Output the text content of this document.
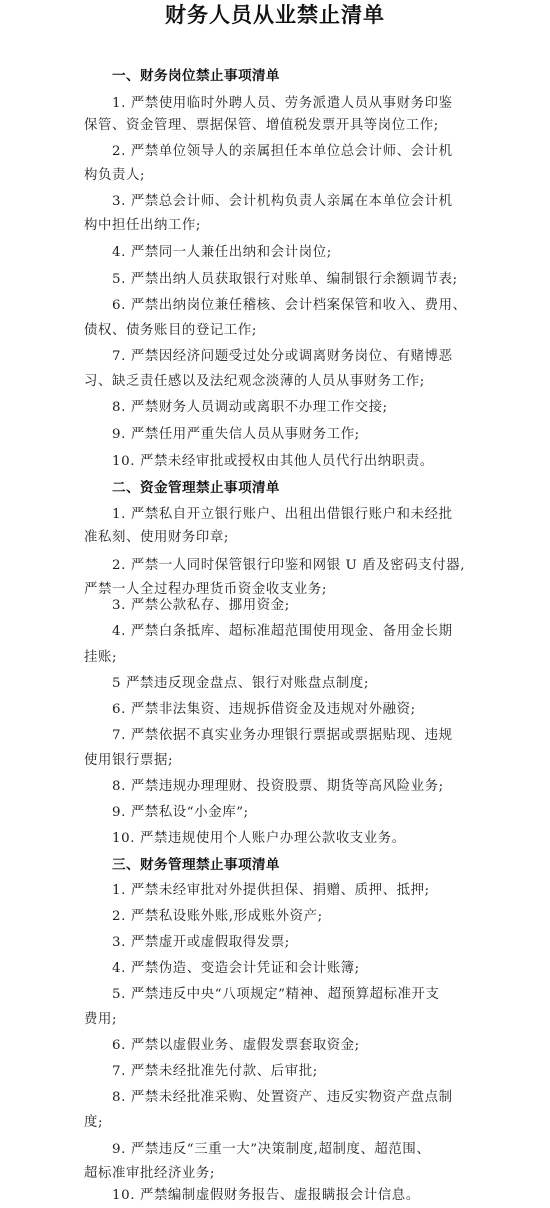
财务人员从业禁止清单
一、财务岗位禁止事项清单
1. 严禁使用临时外聘人员、劳务派遣人员从事财务印鉴
保管、资金管理、票据保管、增值税发票开具等岗位工作;
2. 严禁单位领导人的亲属担任本单位总会计师、会计机
构负责人;
3. 严禁总会计师、会计机构负责人亲属在本单位会计机
构中担任出纳工作;
4. 严禁同一人兼任出纳和会计岗位;
5. 严禁出纳人员获取银行对账单、编制银行余额调节表;
6. 严禁出纳岗位兼任稽核、会计档案保管和收入、费用、
债权、债务账目的登记工作;
7. 严禁因经济问题受过处分或调离财务岗位、有赌博恶
习、缺乏责任感以及法纪观念淡薄的人员从事财务工作;
8. 严禁财务人员调动或离职不办理工作交接;
9. 严禁任用严重失信人员从事财务工作;
10. 严禁未经审批或授权由其他人员代行出纳职责。
二、资金管理禁止事项清单
1. 严禁私自开立银行账户、出租出借银行账户和未经批
准私刻、使用财务印章;
2. 严禁一人同时保管银行印鉴和网银 U 盾及密码支付器,
严禁一人全过程办理货币资金收支业务;
3. 严禁公款私存、挪用资金;
4. 严禁白条抵库、超标准超范围使用现金、备用金长期
挂账;
5 严禁违反现金盘点、银行对账盘点制度;
6. 严禁非法集资、违规拆借资金及违规对外融资;
7. 严禁依据不真实业务办理银行票据或票据贴现、违规
使用银行票据;
8. 严禁违规办理理财、投资股票、期货等高风险业务;
9. 严禁私设“小金库”;
10. 严禁违规使用个人账户办理公款收支业务。
三、财务管理禁止事项清单
1. 严禁未经审批对外提供担保、捐赠、质押、抵押;
2. 严禁私设账外账,形成账外资产;
3. 严禁虚开或虚假取得发票;
4. 严禁伪造、变造会计凭证和会计账簿;
5. 严禁违反中央“八项规定”精神、超预算超标准开支
费用;
6. 严禁以虚假业务、虚假发票套取资金;
7. 严禁未经批准先付款、后审批;
8. 严禁未经批准采购、处置资产、违反实物资产盘点制
度;
9. 严禁违反“三重一大”决策制度,超制度、超范围、
超标准审批经济业务;
10. 严禁编制虚假财务报告、虚报瞒报会计信息。
